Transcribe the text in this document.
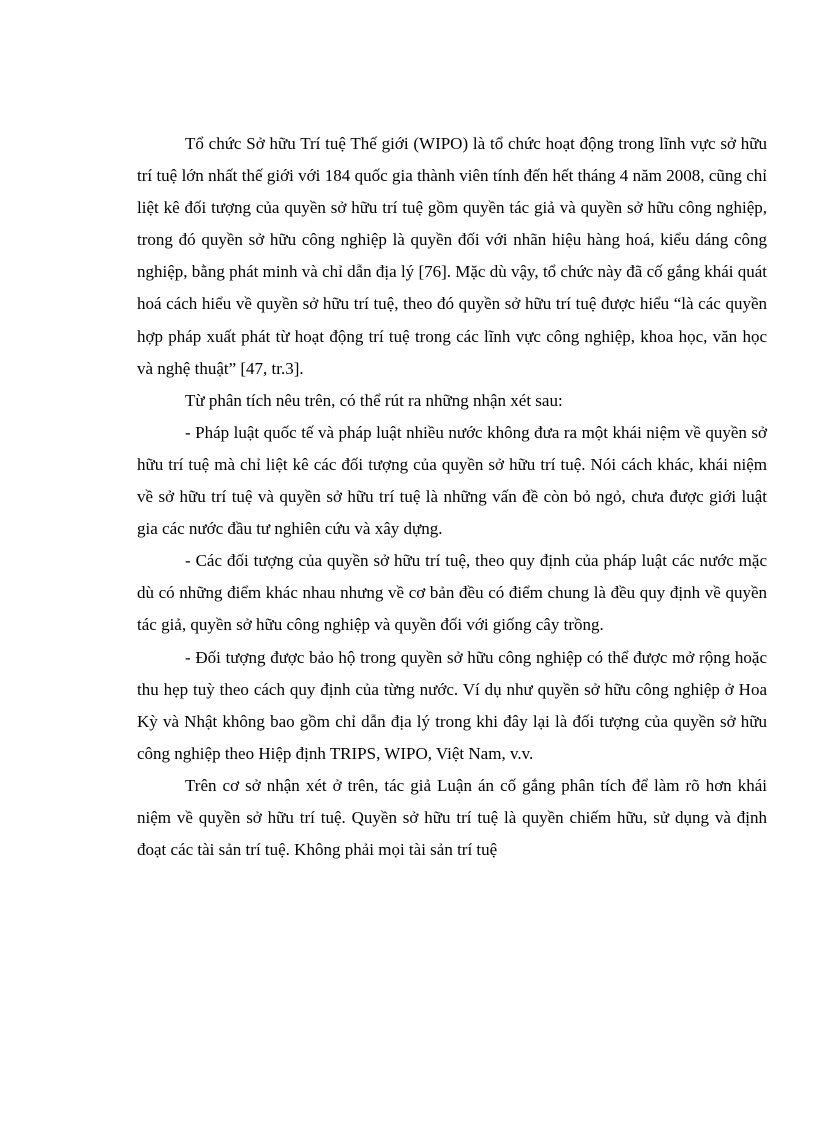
Tổ chức Sở hữu Trí tuệ Thế giới (WIPO) là tổ chức hoạt động trong lĩnh vực sở hữu trí tuệ lớn nhất thế giới với 184 quốc gia thành viên tính đến hết tháng 4 năm 2008, cũng chỉ liệt kê đối tượng của quyền sở hữu trí tuệ gồm quyền tác giả và quyền sở hữu công nghiệp, trong đó quyền sở hữu công nghiệp là quyền đối với nhãn hiệu hàng hoá, kiểu dáng công nghiệp, bằng phát minh và chỉ dẫn địa lý [76]. Mặc dù vậy, tổ chức này đã cố gắng khái quát hoá cách hiểu về quyền sở hữu trí tuệ, theo đó quyền sở hữu trí tuệ được hiểu “là các quyền hợp pháp xuất phát từ hoạt động trí tuệ trong các lĩnh vực công nghiệp, khoa học, văn học và nghệ thuật” [47, tr.3].

Từ phân tích nêu trên, có thể rút ra những nhận xét sau:

- Pháp luật quốc tế và pháp luật nhiều nước không đưa ra một khái niệm về quyền sở hữu trí tuệ mà chỉ liệt kê các đối tượng của quyền sở hữu trí tuệ. Nói cách khác, khái niệm về sở hữu trí tuệ và quyền sở hữu trí tuệ là những vấn đề còn bỏ ngỏ, chưa được giới luật gia các nước đầu tư nghiên cứu và xây dựng.

- Các đối tượng của quyền sở hữu trí tuệ, theo quy định của pháp luật các nước mặc dù có những điểm khác nhau nhưng về cơ bản đều có điểm chung là đều quy định về quyền tác giả, quyền sở hữu công nghiệp và quyền đối với giống cây trồng.

- Đối tượng được bảo hộ trong quyền sở hữu công nghiệp có thể được mở rộng hoặc thu hẹp tuỳ theo cách quy định của từng nước. Ví dụ như quyền sở hữu công nghiệp ở Hoa Kỳ và Nhật không bao gồm chỉ dẫn địa lý trong khi đây lại là đối tượng của quyền sở hữu công nghiệp theo Hiệp định TRIPS, WIPO, Việt Nam, v.v.

Trên cơ sở nhận xét ở trên, tác giả Luận án cố gắng phân tích để làm rõ hơn khái niệm về quyền sở hữu trí tuệ. Quyền sở hữu trí tuệ là quyền chiếm hữu, sử dụng và định đoạt các tài sản trí tuệ. Không phải mọi tài sản trí tuệ
